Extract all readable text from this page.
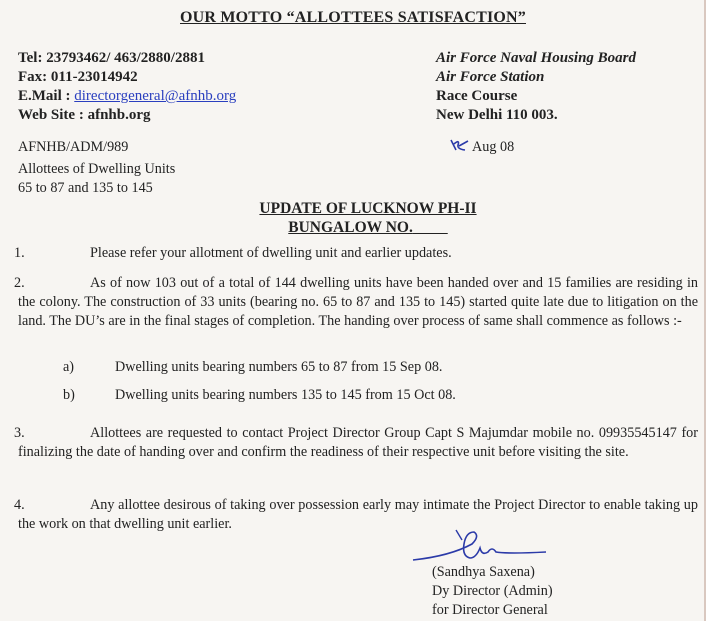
OUR MOTTO “ALLOTTEES SATISFACTION”
Tel: 23793462/ 463/2880/2881
Fax: 011-23014942
E.Mail : directorgeneral@afnhb.org
Web Site : afnhb.org
Air Force Naval Housing Board
Air Force Station
Race Course
New Delhi 110 003.
AFNHB/ADM/989	Aug 08
Allottees of Dwelling Units
65 to 87 and 135 to 145
UPDATE OF LUCKNOW PH-II
BUNGALOW NO.
1.	Please refer your allotment of dwelling unit and earlier updates.
2.	As of now 103 out of a total of 144 dwelling units have been handed over and 15 families are residing in the colony. The construction of 33 units (bearing no. 65 to 87 and 135 to 145) started quite late due to litigation on the land. The DU’s are in the final stages of completion. The handing over process of same shall commence as follows :-
a)	Dwelling units bearing numbers 65 to 87 from 15 Sep 08.
b)	Dwelling units bearing numbers 135 to 145 from 15 Oct 08.
3.	Allottees are requested to contact Project Director Group Capt S Majumdar mobile no. 09935545147 for finalizing the date of handing over and confirm the readiness of their respective unit before visiting the site.
4.	Any allottee desirous of taking over possession early may intimate the Project Director to enable taking up the work on that dwelling unit earlier.
(Sandhya Saxena)
Dy Director (Admin)
for Director General
